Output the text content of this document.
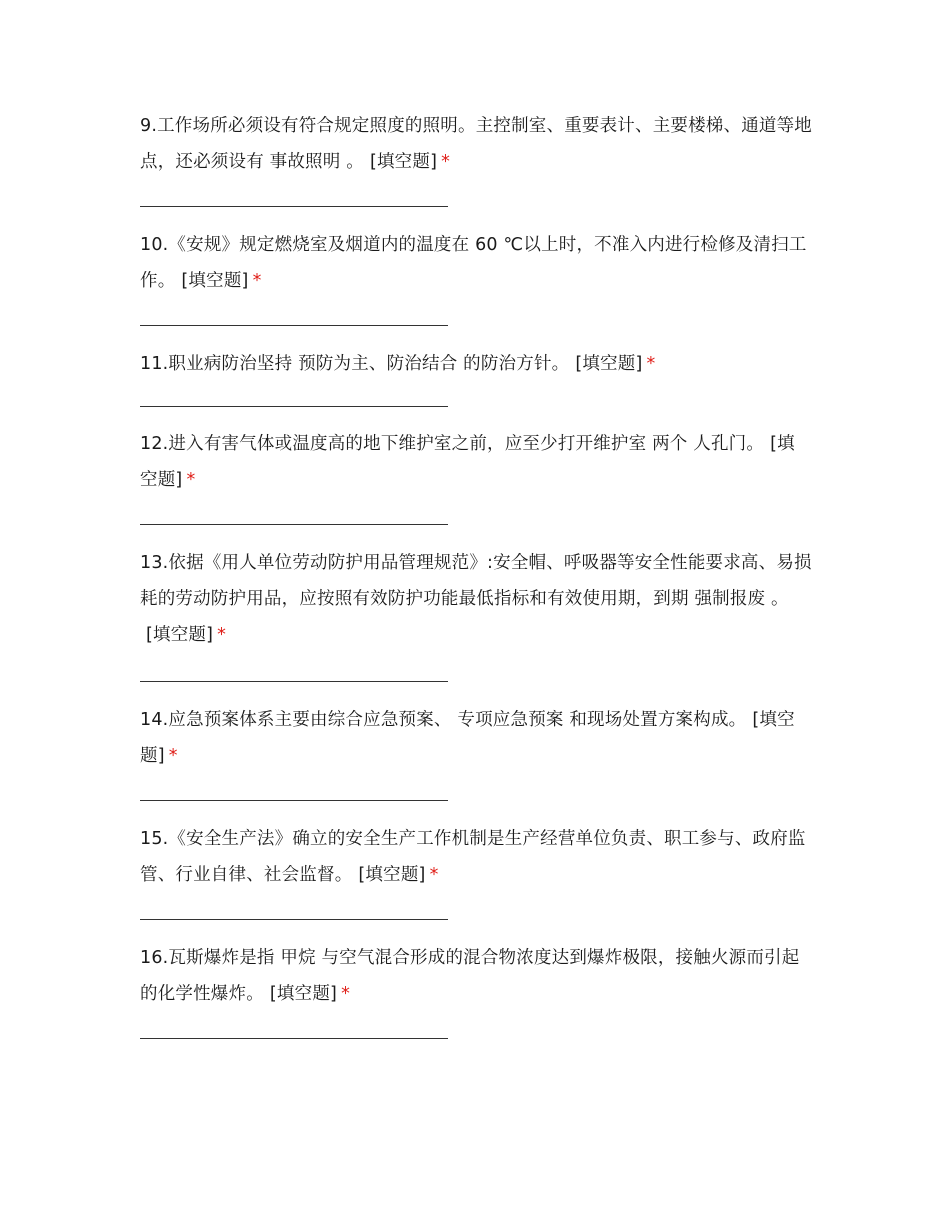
9.工作场所必须设有符合规定照度的照明。主控制室、重要表计、主要楼梯、通道等地点，还必须设有 事故照明 。 [填空题] *

10.《安规》规定燃烧室及烟道内的温度在 60 ℃以上时，不准入内进行检修及清扫工作。 [填空题] *

11.职业病防治坚持 预防为主、防治结合 的防治方针。 [填空题] *

12.进入有害气体或温度高的地下维护室之前，应至少打开维护室 两个 人孔门。 [填空题] *

13.依据《用人单位劳动防护用品管理规范》:安全帽、呼吸器等安全性能要求高、易损耗的劳动防护用品，应按照有效防护功能最低指标和有效使用期，到期 强制报废 。[填空题] *

14.应急预案体系主要由综合应急预案、 专项应急预案 和现场处置方案构成。 [填空题] *

15.《安全生产法》确立的安全生产工作机制是生产经营单位负责、职工参与、政府监管、行业自律、社会监督。 [填空题] *

16.瓦斯爆炸是指 甲烷 与空气混合形成的混合物浓度达到爆炸极限，接触火源而引起的化学性爆炸。 [填空题] *
